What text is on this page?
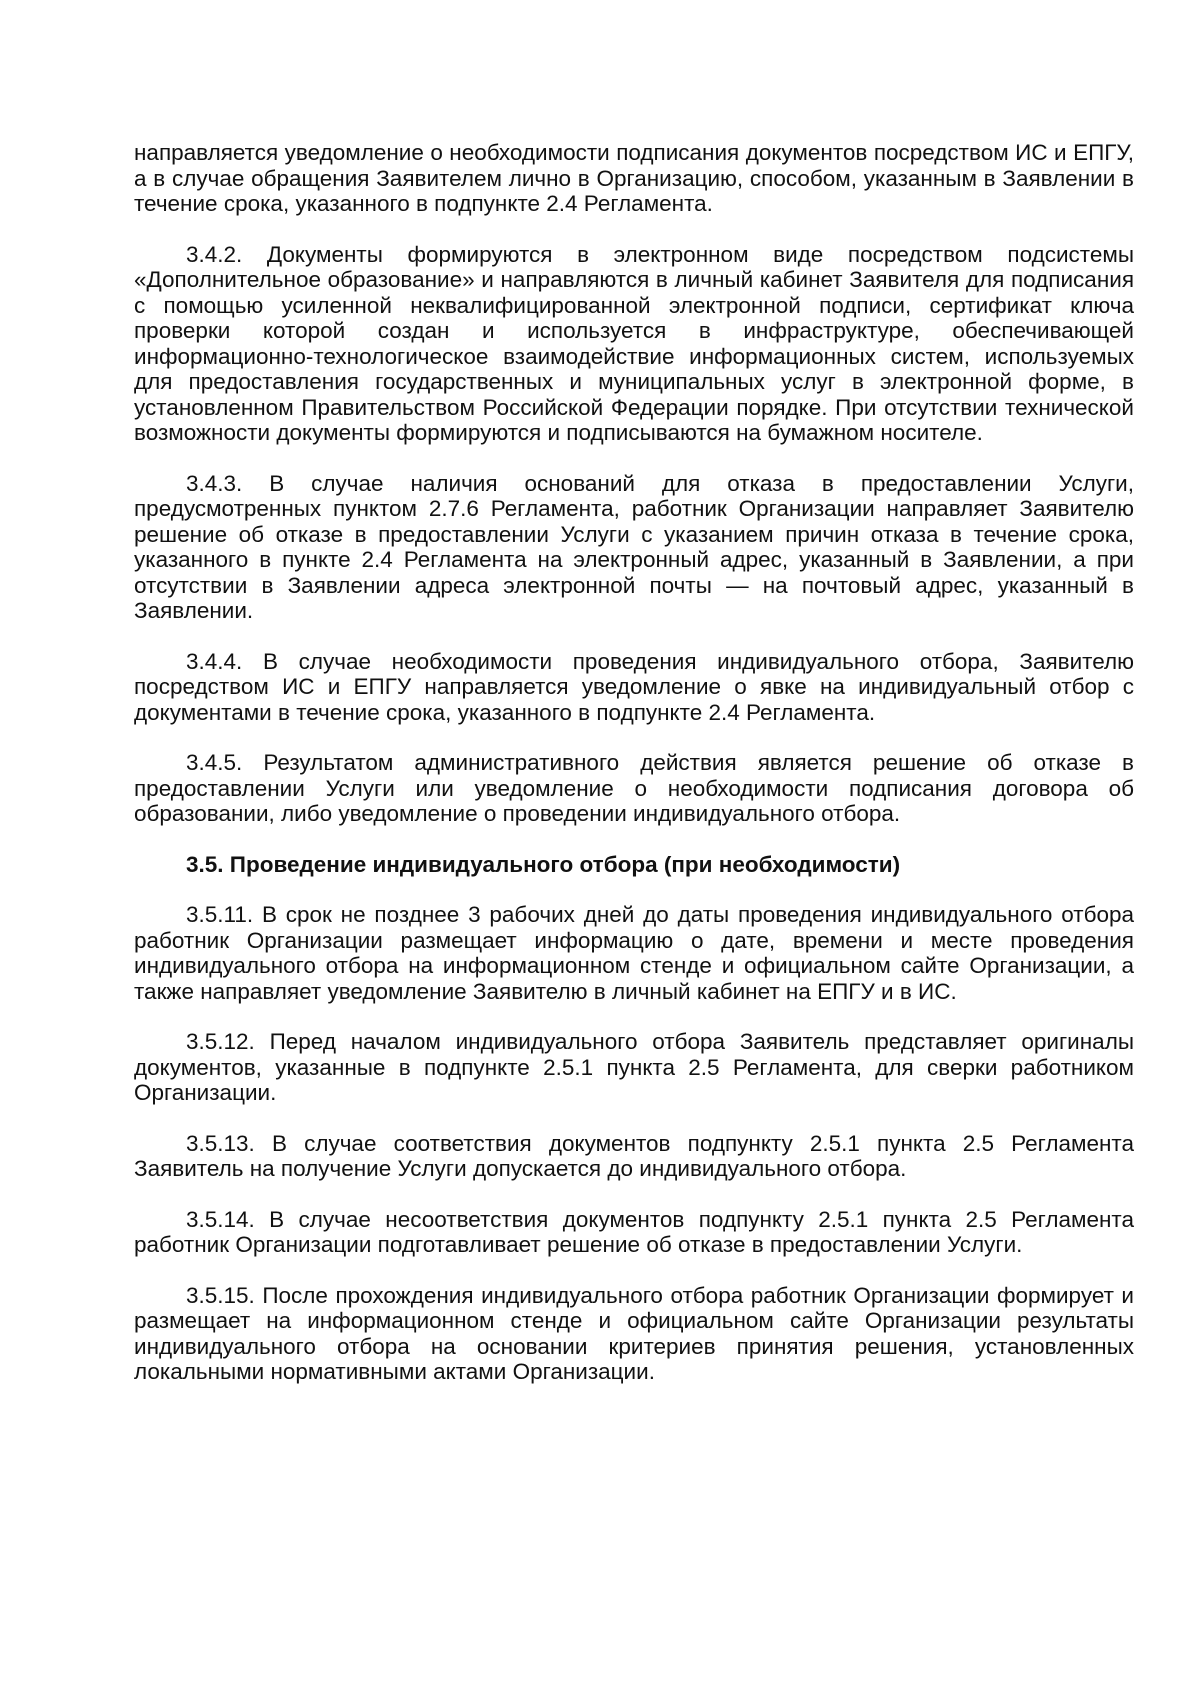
направляется уведомление о необходимости подписания документов посредством ИС и ЕПГУ, а в случае обращения Заявителем лично в Организацию, способом, указанным в Заявлении в течение срока, указанного в подпункте 2.4 Регламента.

3.4.2. Документы формируются в электронном виде посредством подсистемы «Дополнительное образование» и направляются в личный кабинет Заявителя для подписания с помощью усиленной неквалифицированной электронной подписи, сертификат ключа проверки которой создан и используется в инфраструктуре, обеспечивающей информационно-технологическое взаимодействие информационных систем, используемых для предоставления государственных и муниципальных услуг в электронной форме, в установленном Правительством Российской Федерации порядке. При отсутствии технической возможности документы формируются и подписываются на бумажном носителе.

3.4.3. В случае наличия оснований для отказа в предоставлении Услуги, предусмотренных пунктом 2.7.6 Регламента, работник Организации направляет Заявителю решение об отказе в предоставлении Услуги с указанием причин отказа в течение срока, указанного в пункте 2.4 Регламента на электронный адрес, указанный в Заявлении, а при отсутствии в Заявлении адреса электронной почты — на почтовый адрес, указанный в Заявлении.

3.4.4. В случае необходимости проведения индивидуального отбора, Заявителю посредством ИС и ЕПГУ направляется уведомление о явке на индивидуальный отбор с документами в течение срока, указанного в подпункте 2.4 Регламента.

3.4.5. Результатом административного действия является решение об отказе в предоставлении Услуги или уведомление о необходимости подписания договора об образовании, либо уведомление о проведении индивидуального отбора.

3.5. Проведение индивидуального отбора (при необходимости)

3.5.11. В срок не позднее 3 рабочих дней до даты проведения индивидуального отбора работник Организации размещает информацию о дате, времени и месте проведения индивидуального отбора на информационном стенде и официальном сайте Организации, а также направляет уведомление Заявителю в личный кабинет на ЕПГУ и в ИС.

3.5.12. Перед началом индивидуального отбора Заявитель представляет оригиналы документов, указанные в подпункте 2.5.1 пункта 2.5 Регламента, для сверки работником Организации.

3.5.13. В случае соответствия документов подпункту 2.5.1 пункта 2.5 Регламента Заявитель на получение Услуги допускается до индивидуального отбора.

3.5.14. В случае несоответствия документов подпункту 2.5.1 пункта 2.5 Регламента работник Организации подготавливает решение об отказе в предоставлении Услуги.

3.5.15. После прохождения индивидуального отбора работник Организации формирует и размещает на информационном стенде и официальном сайте Организации результаты индивидуального отбора на основании критериев принятия решения, установленных локальными нормативными актами Организации.
